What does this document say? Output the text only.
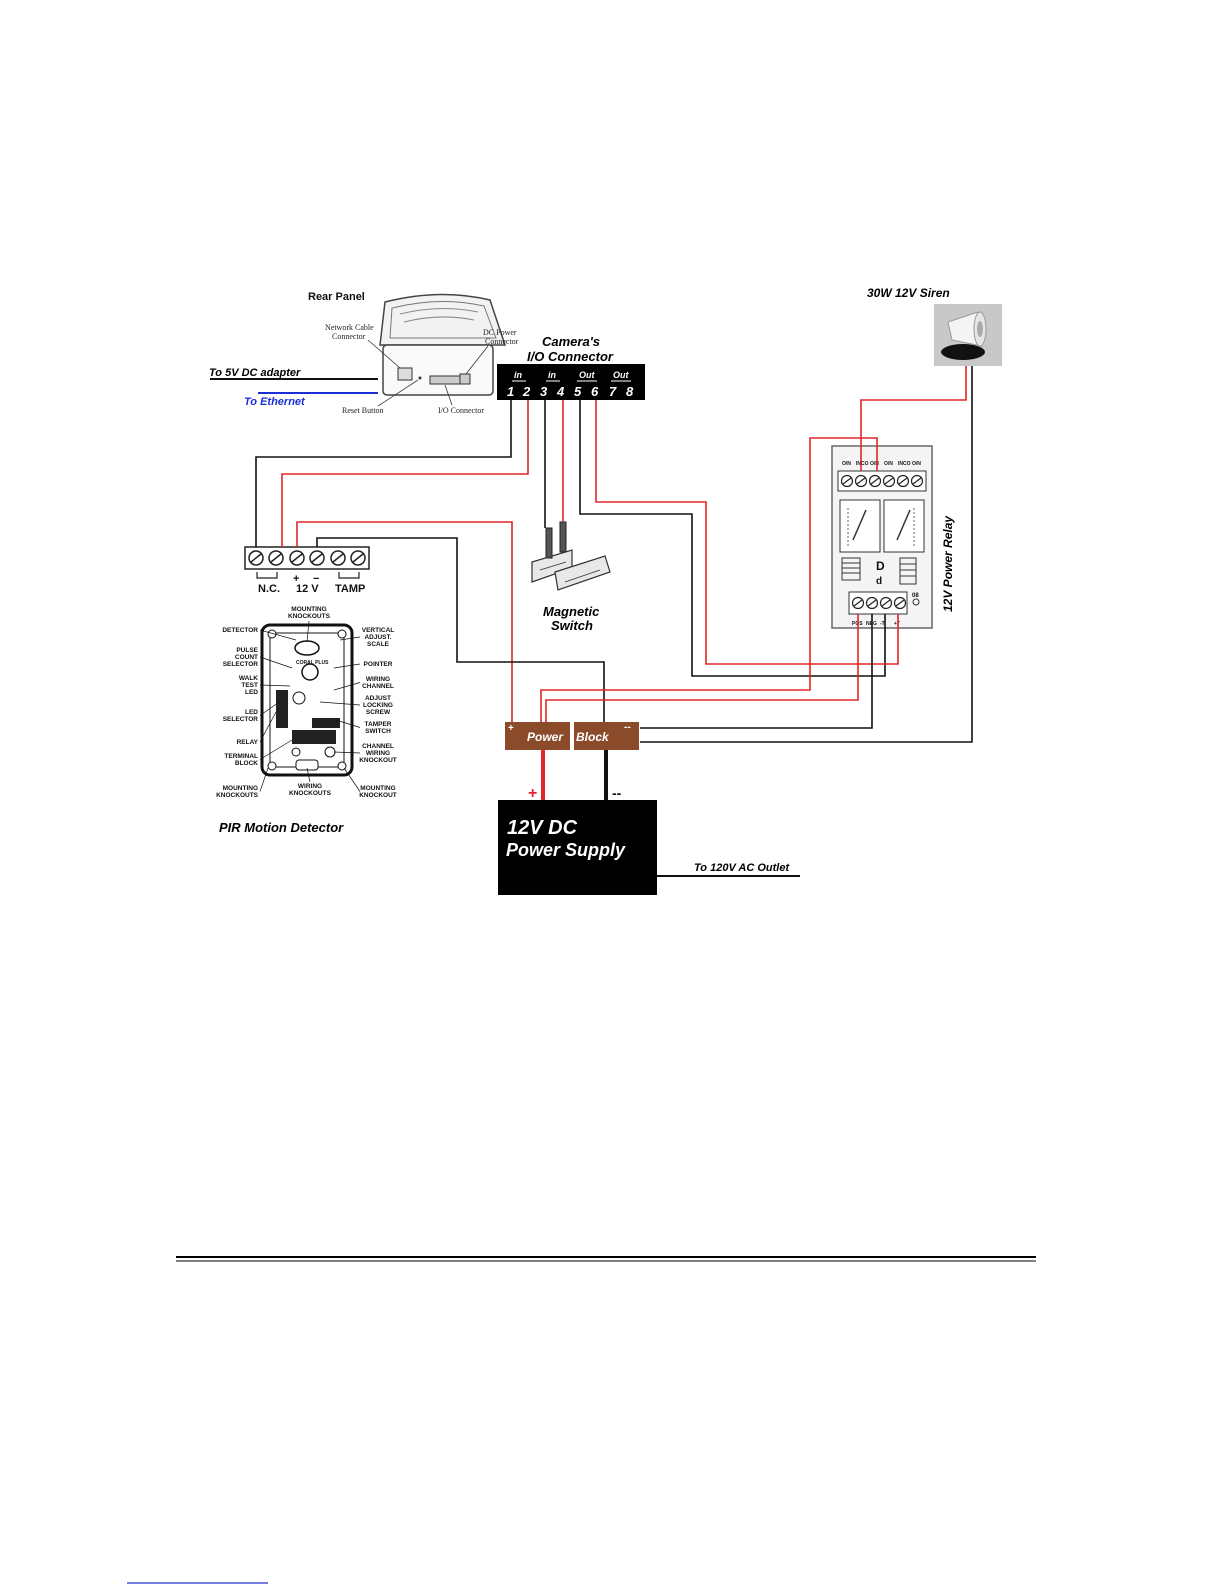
Rear Panel
Network Cable
Connector	DC Power
Connector
Reset Button	I/O Connector
To 5V DC adapter
To Ethernet
Camera's
I/O Connector
in	in	Out Out
1 2 3 4 5 6 7 8
30W 12V Siren
O/N INCO O/N O/N INCO O/N
D
d
POS NEG -T +T
08 12V Power Relay
N.C.
+ −
12 V TAMP
Magnetic
Switch
CORAL PLUS
DETECTOR
PULSE
COUNT
SELECTOR
WALK
TEST
LED
LED
SELECTOR
RELAY
TERMINAL
BLOCK
MOUNTING
KNOCKOUTS
VERTICAL
ADJUST.
SCALE
POINTER
WIRING
CHANNEL
ADJUST
LOCKING
SCREW
TAMPER
SWITCH
CHANNEL
WIRING
KNOCKOUT
MOUNTING
KNOCKOUT
MOUNTING
KNOCKOUTS
WIRING
KNOCKOUTS
PIR Motion Detector
Power Block
+	--
12V DC
Power Supply
+	--
To 120V AC Outlet
